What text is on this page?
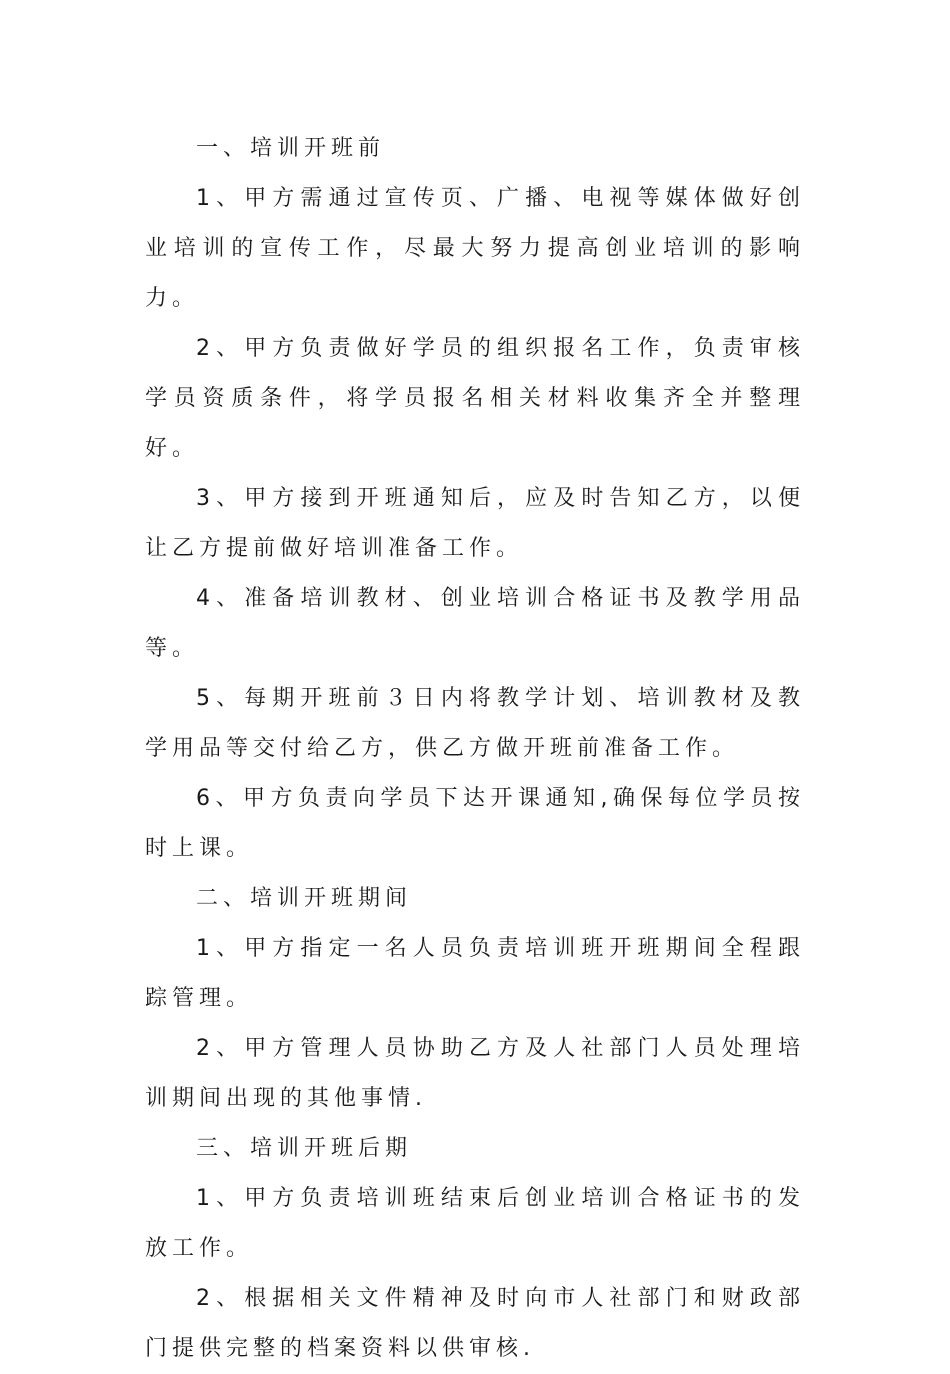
一、培训开班前

1、甲方需通过宣传页、广播、电视等媒体做好创业培训的宣传工作，尽最大努力提高创业培训的影响力。

2、甲方负责做好学员的组织报名工作，负责审核学员资质条件，将学员报名相关材料收集齐全并整理好。

3、甲方接到开班通知后，应及时告知乙方，以便让乙方提前做好培训准备工作。

4、准备培训教材、创业培训合格证书及教学用品等。

5、每期开班前３日内将教学计划、培训教材及教学用品等交付给乙方，供乙方做开班前准备工作。

6、甲方负责向学员下达开课通知,确保每位学员按时上课。

二、培训开班期间

1、甲方指定一名人员负责培训班开班期间全程跟踪管理。

2、甲方管理人员协助乙方及人社部门人员处理培训期间出现的其他事情.

三、培训开班后期

1、甲方负责培训班结束后创业培训合格证书的发放工作。

2、根据相关文件精神及时向市人社部门和财政部门提供完整的档案资料以供审核.
